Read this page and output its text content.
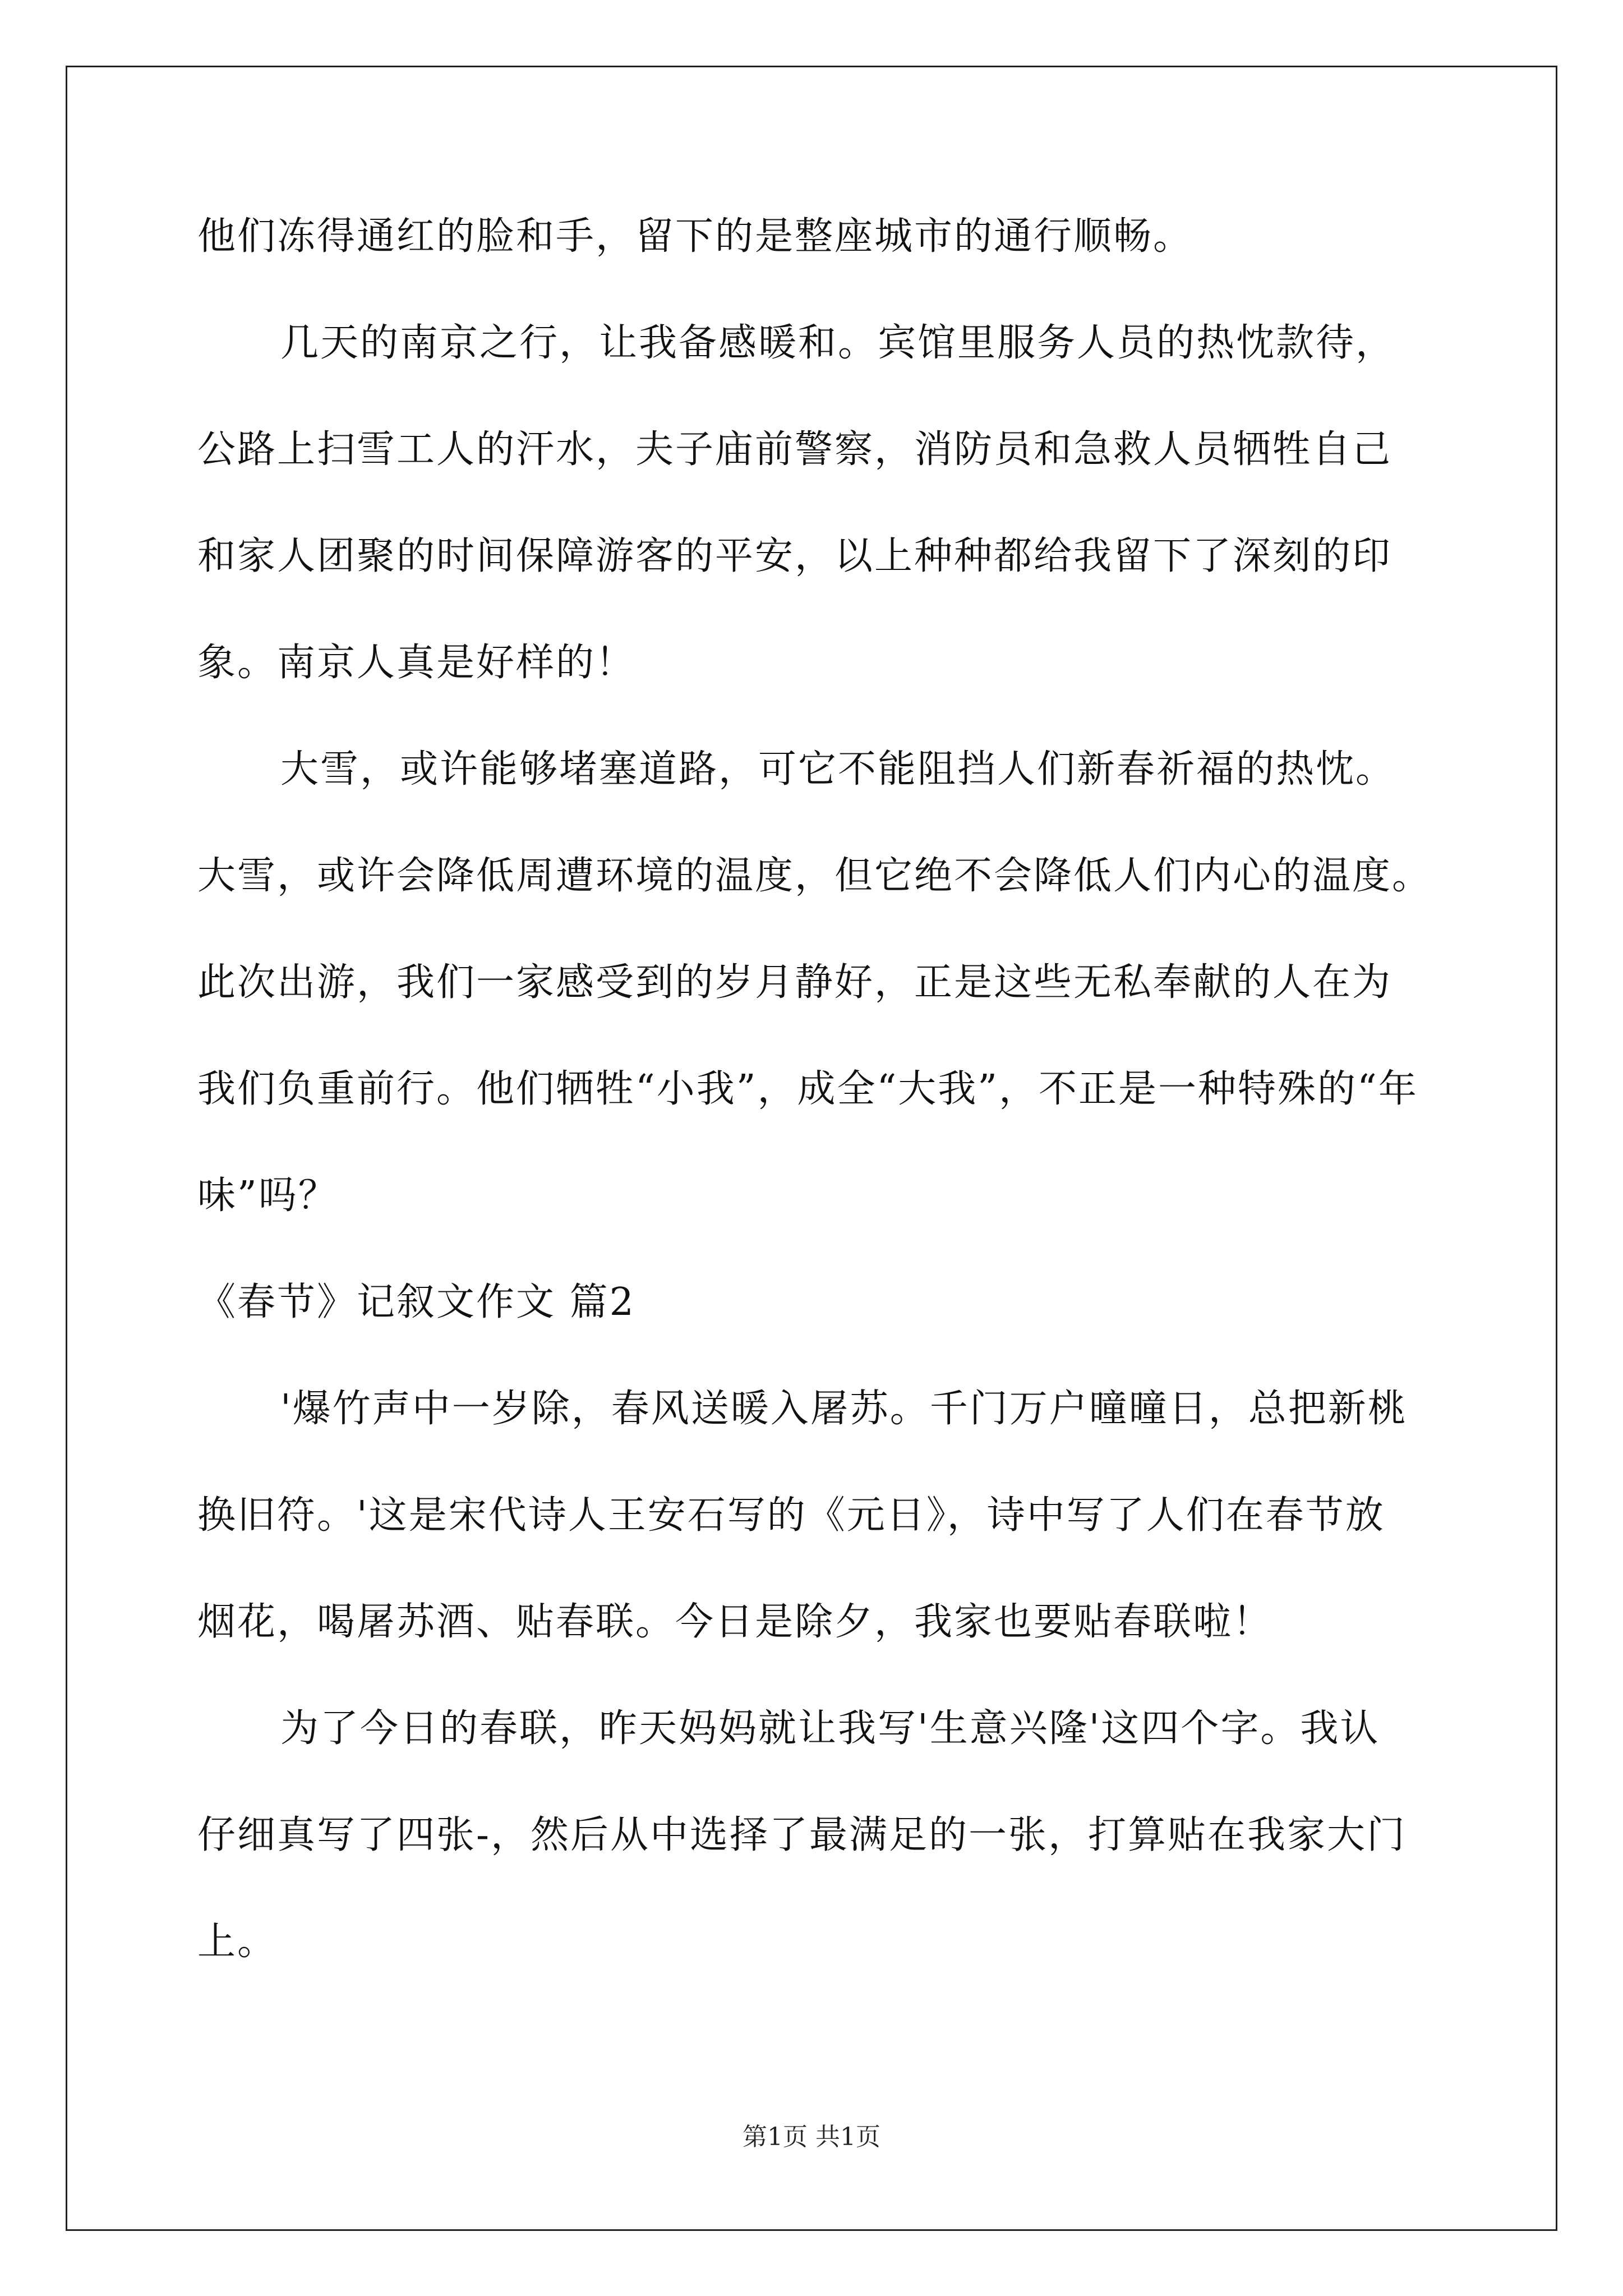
他们冻得通红的脸和手，留下的是整座城市的通行顺畅。
几天的南京之行，让我备感暖和。宾馆里服务人员的热忱款待，
公路上扫雪工人的汗水，夫子庙前警察，消防员和急救人员牺牲自己
和家人团聚的时间保障游客的平安，以上种种都给我留下了深刻的印
象。南京人真是好样的！
大雪，或许能够堵塞道路，可它不能阻挡人们新春祈福的热忱。
大雪，或许会降低周遭环境的温度，但它绝不会降低人们内心的温度。
此次出游，我们一家感受到的岁月静好，正是这些无私奉献的人在为
我们负重前行。他们牺牲“小我”，成全“大我”，不正是一种特殊的“年
味”吗？
《春节》记叙文作文 篇2
'爆竹声中一岁除，春风送暖入屠苏。千门万户曈曈日，总把新桃
换旧符。'这是宋代诗人王安石写的《元日》，诗中写了人们在春节放
烟花，喝屠苏酒、贴春联。今日是除夕，我家也要贴春联啦！
为了今日的春联，昨天妈妈就让我写'生意兴隆'这四个字。我认
仔细真写了四张-，然后从中选择了最满足的一张，打算贴在我家大门
上。
第1页 共1页
